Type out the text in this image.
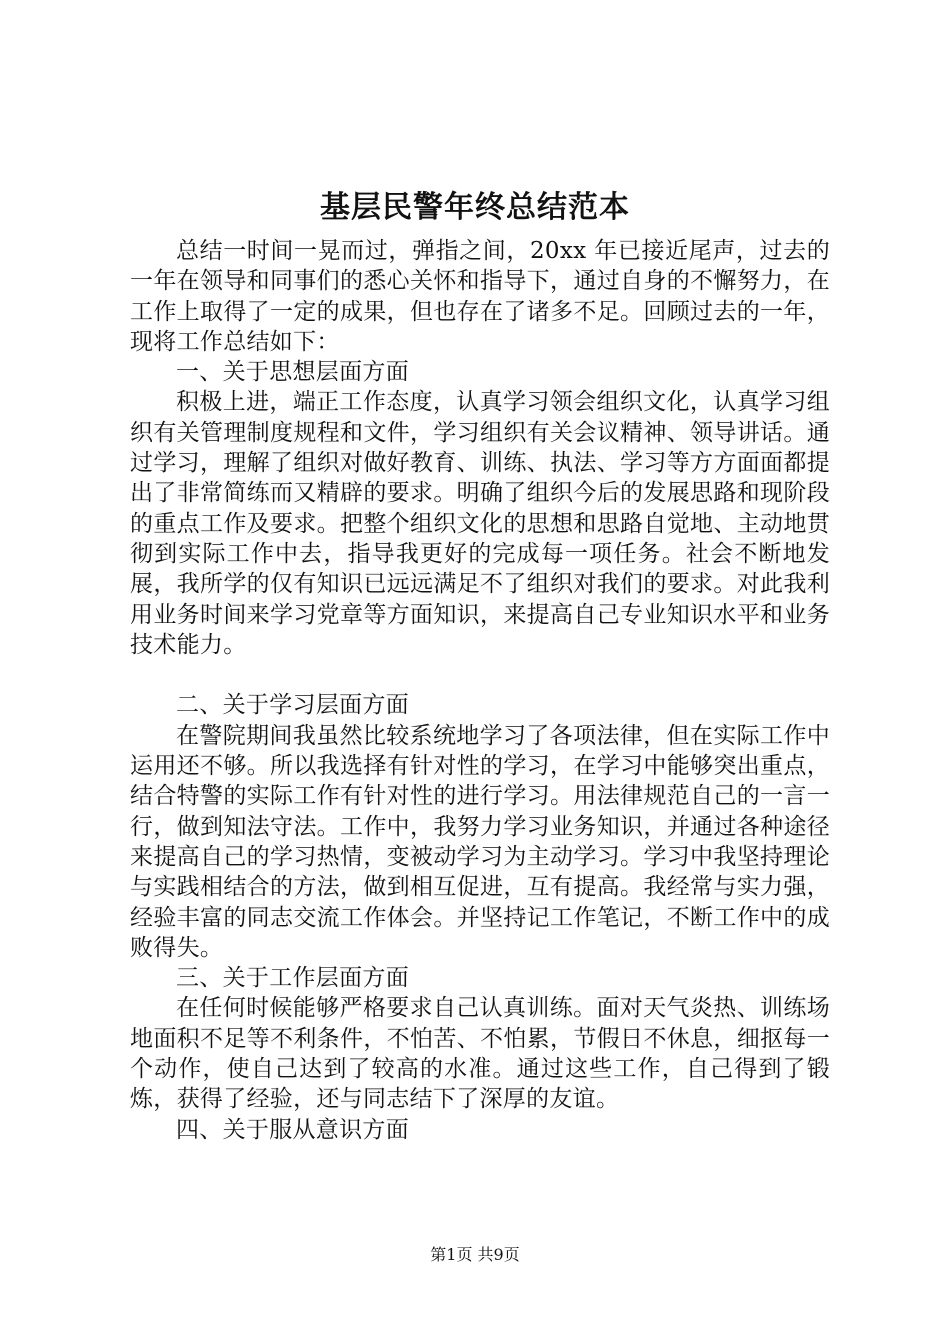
基层民警年终总结范本

总结一时间一晃而过，弹指之间，20xx 年已接近尾声，过去的一年在领导和同事们的悉心关怀和指导下，通过自身的不懈努力，在工作上取得了一定的成果，但也存在了诸多不足。回顾过去的一年，现将工作总结如下：

一、关于思想层面方面

积极上进，端正工作态度，认真学习领会组织文化，认真学习组织有关管理制度规程和文件，学习组织有关会议精神、领导讲话。通过学习，理解了组织对做好教育、训练、执法、学习等方方面面都提出了非常简练而又精辟的要求。明确了组织今后的发展思路和现阶段的重点工作及要求。把整个组织文化的思想和思路自觉地、主动地贯彻到实际工作中去，指导我更好的完成每一项任务。社会不断地发展，我所学的仅有知识已远远满足不了组织对我们的要求。对此我利用业务时间来学习党章等方面知识，来提高自己专业知识水平和业务技术能力。

二、关于学习层面方面

在警院期间我虽然比较系统地学习了各项法律，但在实际工作中运用还不够。所以我选择有针对性的学习，在学习中能够突出重点，结合特警的实际工作有针对性的进行学习。用法律规范自己的一言一行，做到知法守法。工作中，我努力学习业务知识，并通过各种途径来提高自己的学习热情，变被动学习为主动学习。学习中我坚持理论与实践相结合的方法，做到相互促进，互有提高。我经常与实力强，经验丰富的同志交流工作体会。并坚持记工作笔记，不断工作中的成败得失。

三、关于工作层面方面

在任何时候能够严格要求自己认真训练。面对天气炎热、训练场地面积不足等不利条件，不怕苦、不怕累，节假日不休息，细抠每一个动作，使自己达到了较高的水准。通过这些工作，自己得到了锻炼，获得了经验，还与同志结下了深厚的友谊。

四、关于服从意识方面

第1页 共9页
